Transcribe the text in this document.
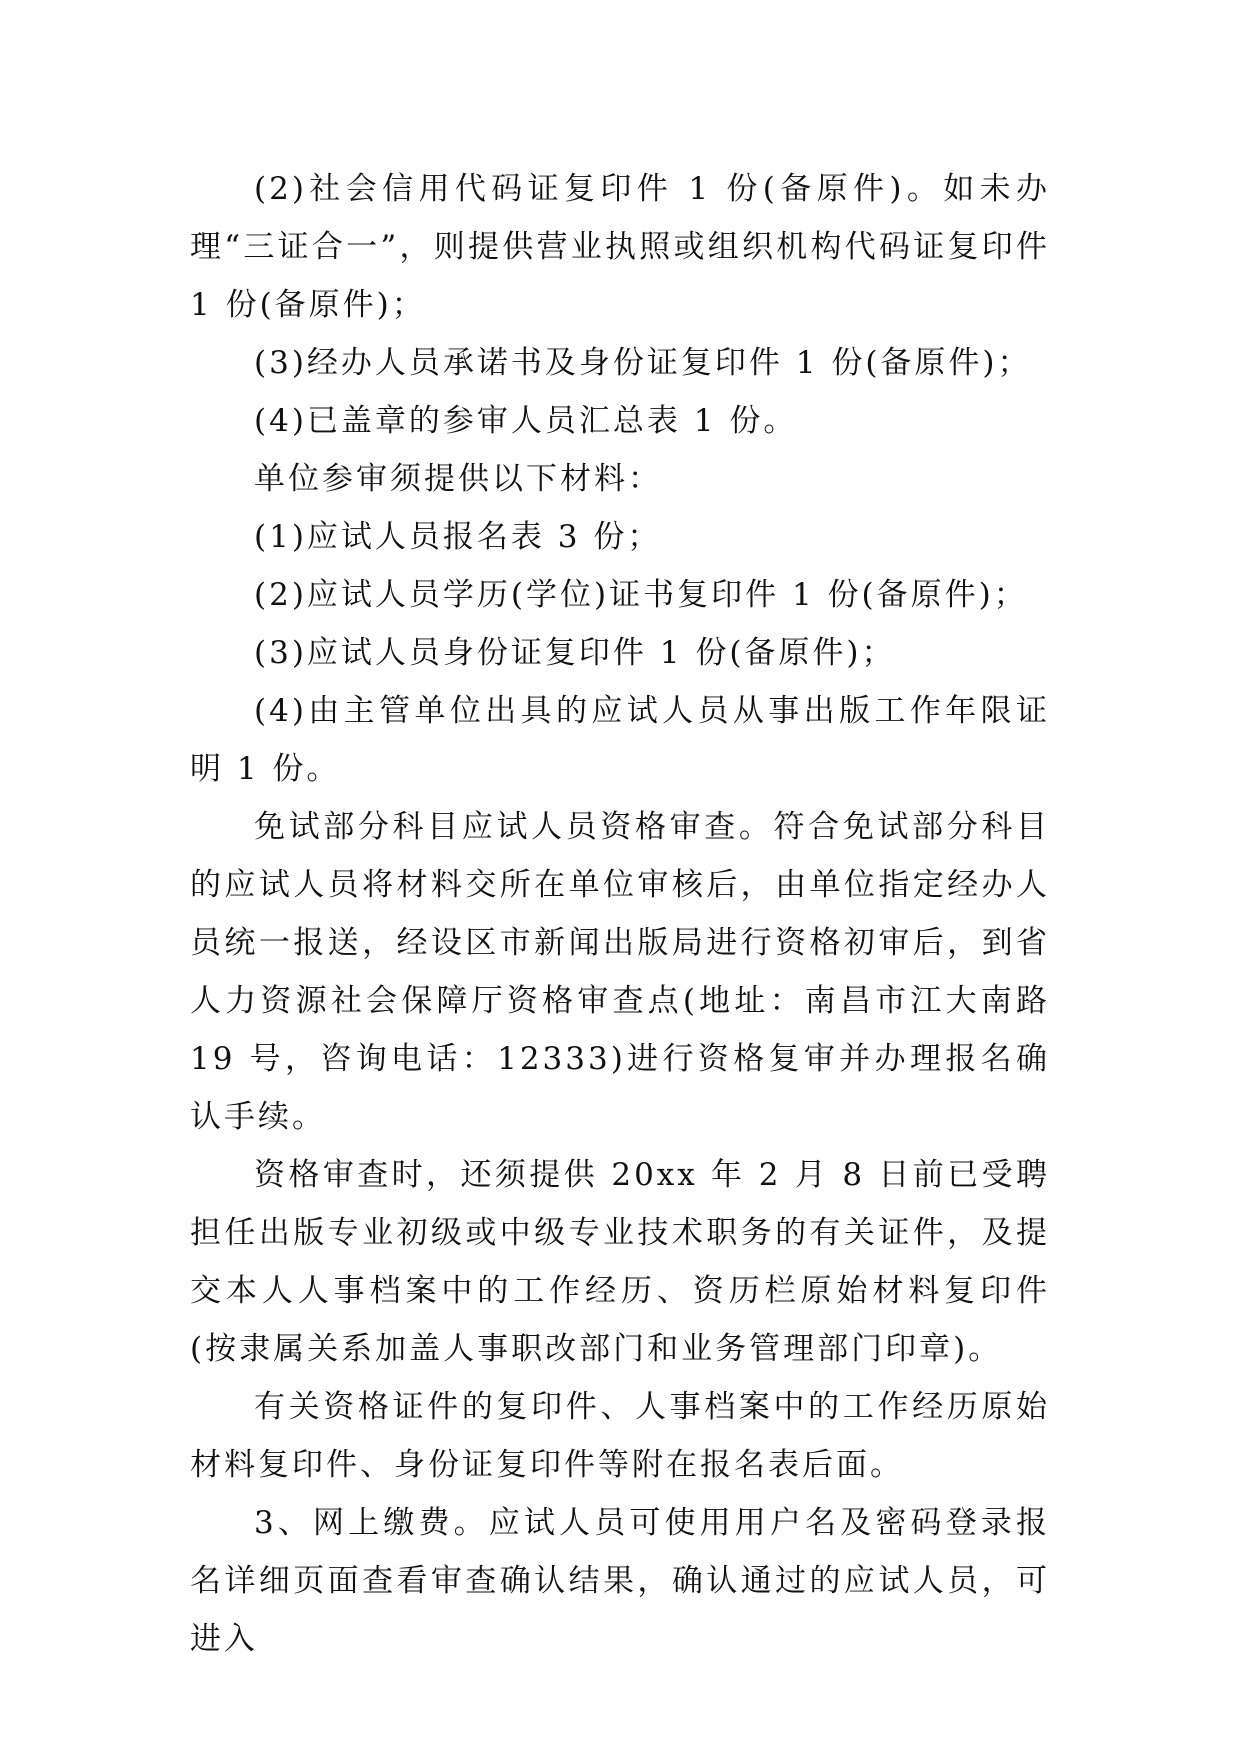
(2)社会信用代码证复印件 1 份(备原件)。如未办理“三证合一”，则提供营业执照或组织机构代码证复印件 1 份(备原件)；

(3)经办人员承诺书及身份证复印件 1 份(备原件)；

(4)已盖章的参审人员汇总表 1 份。

单位参审须提供以下材料：

(1)应试人员报名表 3 份；

(2)应试人员学历(学位)证书复印件 1 份(备原件)；

(3)应试人员身份证复印件 1 份(备原件)；

(4)由主管单位出具的应试人员从事出版工作年限证明 1 份。

免试部分科目应试人员资格审查。符合免试部分科目的应试人员将材料交所在单位审核后，由单位指定经办人员统一报送，经设区市新闻出版局进行资格初审后，到省人力资源社会保障厅资格审查点(地址：南昌市江大南路 19 号，咨询电话：12333)进行资格复审并办理报名确认手续。

资格审查时，还须提供 20xx 年 2 月 8 日前已受聘担任出版专业初级或中级专业技术职务的有关证件，及提交本人人事档案中的工作经历、资历栏原始材料复印件(按隶属关系加盖人事职改部门和业务管理部门印章)。

有关资格证件的复印件、人事档案中的工作经历原始材料复印件、身份证复印件等附在报名表后面。

3、网上缴费。应试人员可使用用户名及密码登录报名详细页面查看审查确认结果，确认通过的应试人员，可进入
